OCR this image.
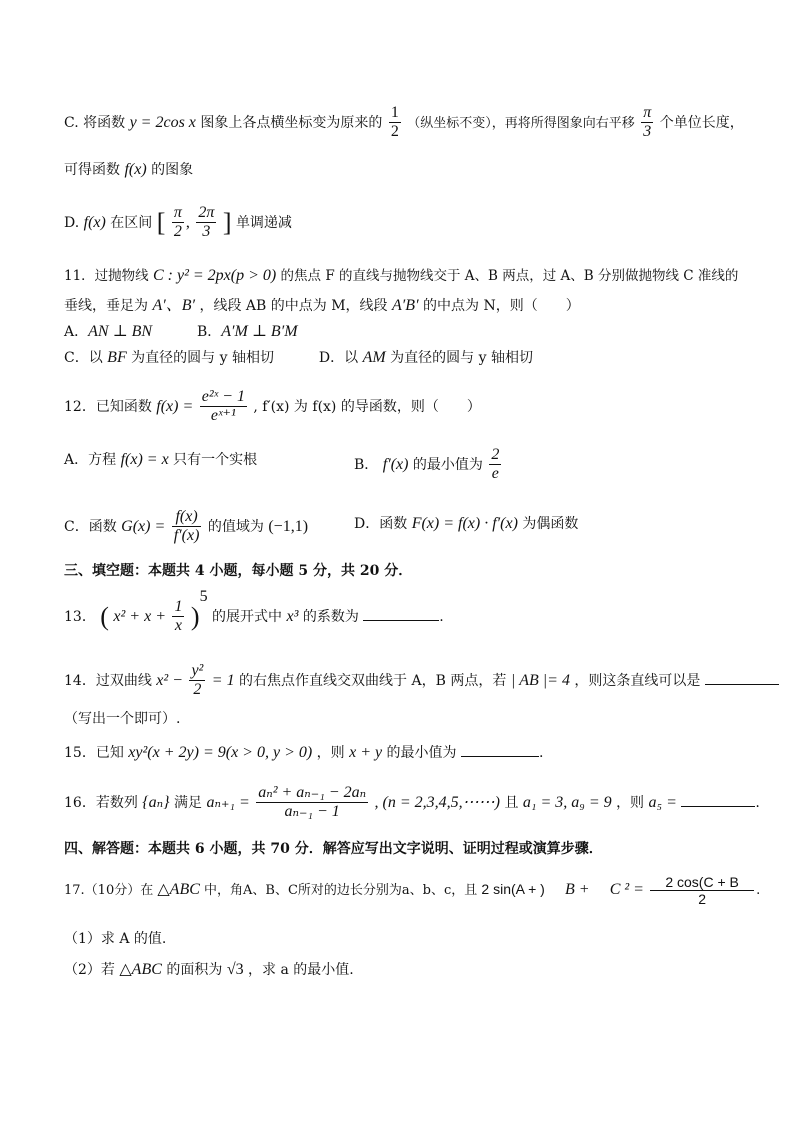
C. 将函数 y = 2cos x 图象上各点横坐标变为原来的 $\frac{1}{2}$ （纵坐标不变），再将所得图象向右平移 $\frac{\pi}{3}$ 个单位长度，
可得函数 f(x) 的图象
D. f(x) 在区间 [ $\frac{\pi}{2}$ , $\frac{2\pi}{3}$ ] 单调递减
11．过抛物线 C : y² = 2px(p > 0) 的焦点 F 的直线与抛物线交于 A、B 两点，过 A、B 分别做抛物线 C 准线的
垂线，垂足为 A′、B′ ，线段 AB 的中点为 M，线段 A′B′ 的中点为 N，则（　　）
A．AN ⊥ BN	B．A′M ⊥ B′M
C．以 BF 为直径的圆与 y 轴相切	D．以 AM 为直径的圆与 y 轴相切
12．已知函数 $f(x) = \frac{\text{e²ˣ − 1}}{\text{eˣ⁺¹}}$ , f′(x) 为 f(x) 的导函数，则（　　）
A．方程 f(x) = x 只有一个实根	B． f′(x) 的最小值为 $\frac{2}{e}$
C．函数 $G(x) = \frac{f(x)}{f'(x)}$ 的值域为 (−1,1)	D．函数 F(x) = f(x) · f′(x) 为偶函数
三、填空题：本题共 4 小题，每小题 5 分，共 20 分．
13． ( $x^2 + x + \frac{1}{x} )^5$ 的展开式中 x³ 的系数为	.
14．过双曲线 $x^2 - \frac{\text{y²}}{2} = 1$ 的右焦点作直线交双曲线于 A，B 两点，若 | AB |= 4 ，则这条直线可以是
（写出一个即可）.
15．已知 xy²(x + 2y) = 9(x > 0, y > 0) ，则 x + y 的最小值为	.
16．若数列 {aₙ} 满足 $a_{n+1} = \frac{\text{aₙ² + aₙ₋₁ − 2aₙ}}{\text{aₙ₋₁ − 1}}$ , (n = 2,3,4,5,⋯⋯) 且 a₁ = 3, a₉ = 9 ，则 a₅ =	.
四、解答题：本题共 6 小题，共 70 分．解答应写出文字说明、证明过程或演算步骤．
17.（10分）在 △ABC 中，角A、B、C所对的边长分别为a、b、c，且 2 sin(A + ) B + C $^2 = \frac{2 \cos(C + B}{2}$ .
（1）求 A 的值.
（2）若 △ABC 的面积为 √3 ，求 a 的最小值.
